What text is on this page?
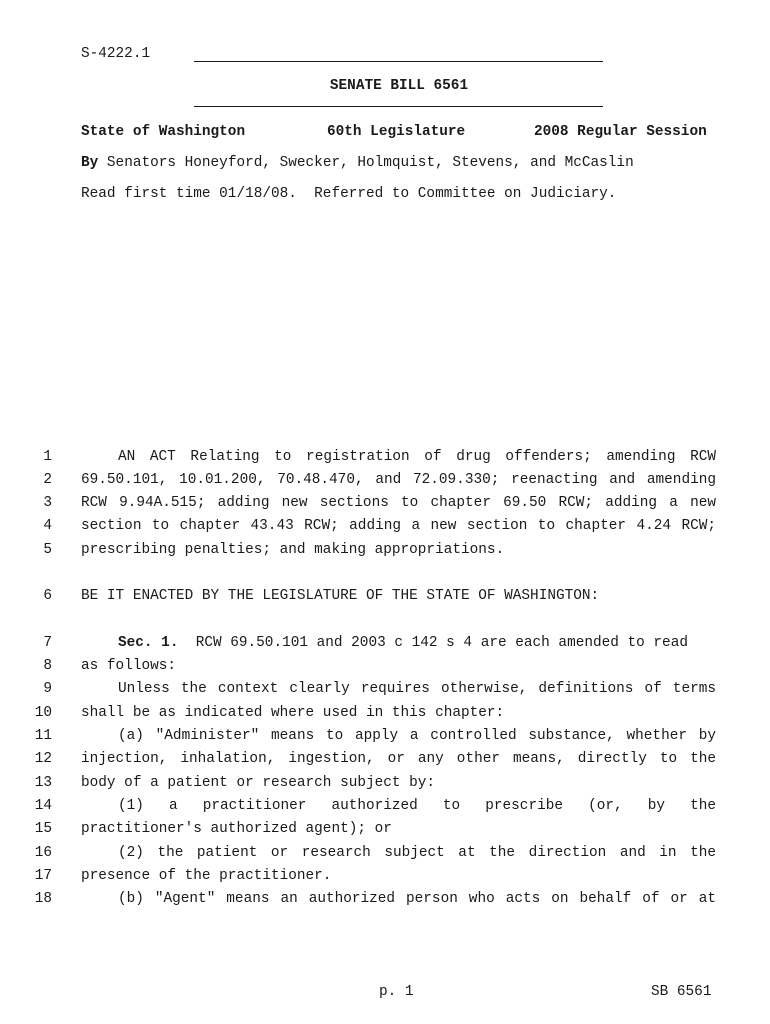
S-4222.1
SENATE BILL 6561
State of Washington	60th Legislature	2008 Regular Session
By Senators Honeyford, Swecker, Holmquist, Stevens, and McCaslin
Read first time 01/18/08.  Referred to Committee on Judiciary.
1	AN ACT Relating to registration of drug offenders; amending RCW
2 69.50.101, 10.01.200, 70.48.470, and 72.09.330; reenacting and amending
3 RCW 9.94A.515; adding new sections to chapter 69.50 RCW; adding a new
4 section to chapter 43.43 RCW; adding a new section to chapter 4.24 RCW;
5 prescribing penalties; and making appropriations.
6 BE IT ENACTED BY THE LEGISLATURE OF THE STATE OF WASHINGTON:
7	Sec. 1.  RCW 69.50.101 and 2003 c 142 s 4 are each amended to read
8 as follows:
9	Unless the context clearly requires otherwise, definitions of terms
10 shall be as indicated where used in this chapter:
11	(a) "Administer" means to apply a controlled substance, whether by
12 injection, inhalation, ingestion, or any other means, directly to the
13 body of a patient or research subject by:
14	(1) a practitioner authorized to prescribe (or, by the
15 practitioner's authorized agent); or
16	(2) the patient or research subject at the direction and in the
17 presence of the practitioner.
18	(b) "Agent" means an authorized person who acts on behalf of or at
p. 1	SB 6561
